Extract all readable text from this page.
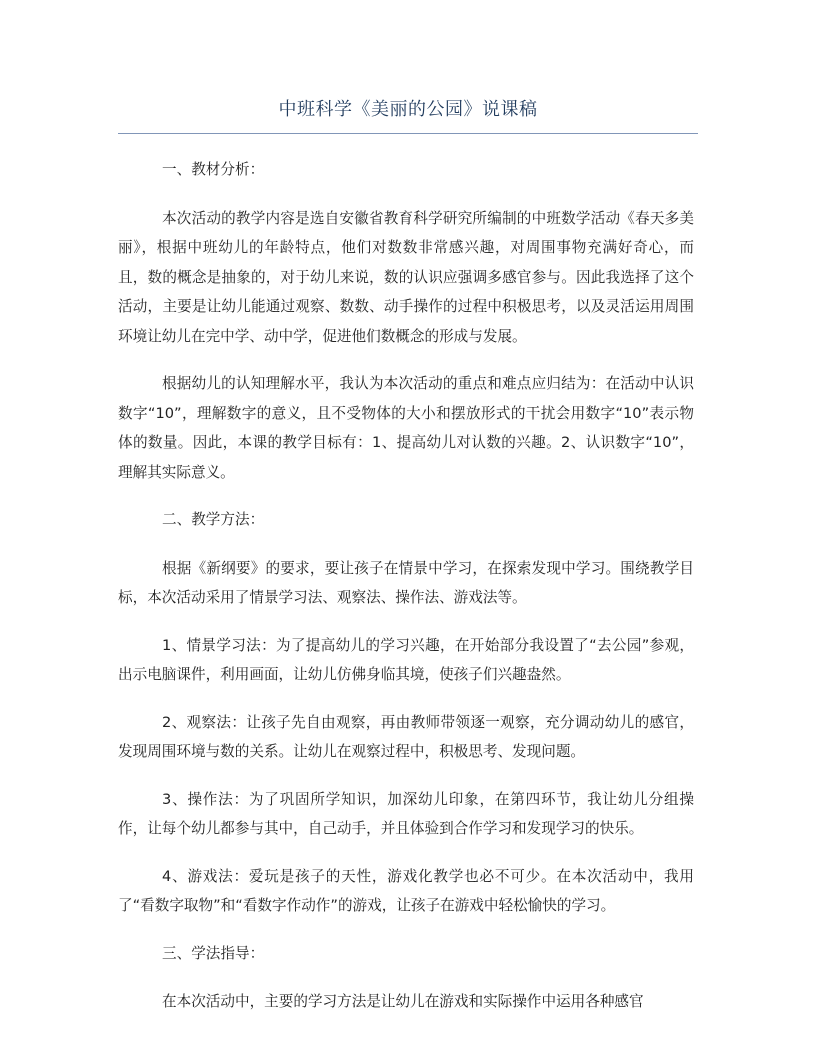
中班科学《美丽的公园》说课稿

一、教材分析：

本次活动的教学内容是选自安徽省教育科学研究所编制的中班数学活动《春天多美丽》，根据中班幼儿的年龄特点，他们对数数非常感兴趣，对周围事物充满好奇心，而且，数的概念是抽象的，对于幼儿来说，数的认识应强调多感官参与。因此我选择了这个活动，主要是让幼儿能通过观察、数数、动手操作的过程中积极思考，以及灵活运用周围环境让幼儿在完中学、动中学，促进他们数概念的形成与发展。

根据幼儿的认知理解水平，我认为本次活动的重点和难点应归结为：在活动中认识数字“10”，理解数字的意义，且不受物体的大小和摆放形式的干扰会用数字“10”表示物体的数量。因此，本课的教学目标有：1、提高幼儿对认数的兴趣。2、认识数字“10”，理解其实际意义。

二、教学方法：

根据《新纲要》的要求，要让孩子在情景中学习，在探索发现中学习。围绕教学目标，本次活动采用了情景学习法、观察法、操作法、游戏法等。

1、情景学习法：为了提高幼儿的学习兴趣，在开始部分我设置了“去公园”参观，出示电脑课件，利用画面，让幼儿仿佛身临其境，使孩子们兴趣盎然。

2、观察法：让孩子先自由观察，再由教师带领逐一观察，充分调动幼儿的感官，发现周围环境与数的关系。让幼儿在观察过程中，积极思考、发现问题。

3、操作法：为了巩固所学知识，加深幼儿印象，在第四环节，我让幼儿分组操作，让每个幼儿都参与其中，自己动手，并且体验到合作学习和发现学习的快乐。

4、游戏法：爱玩是孩子的天性，游戏化教学也必不可少。在本次活动中，我用了“看数字取物”和“看数字作动作”的游戏，让孩子在游戏中轻松愉快的学习。

三、学法指导：

在本次活动中，主要的学习方法是让幼儿在游戏和实际操作中运用各种感官
